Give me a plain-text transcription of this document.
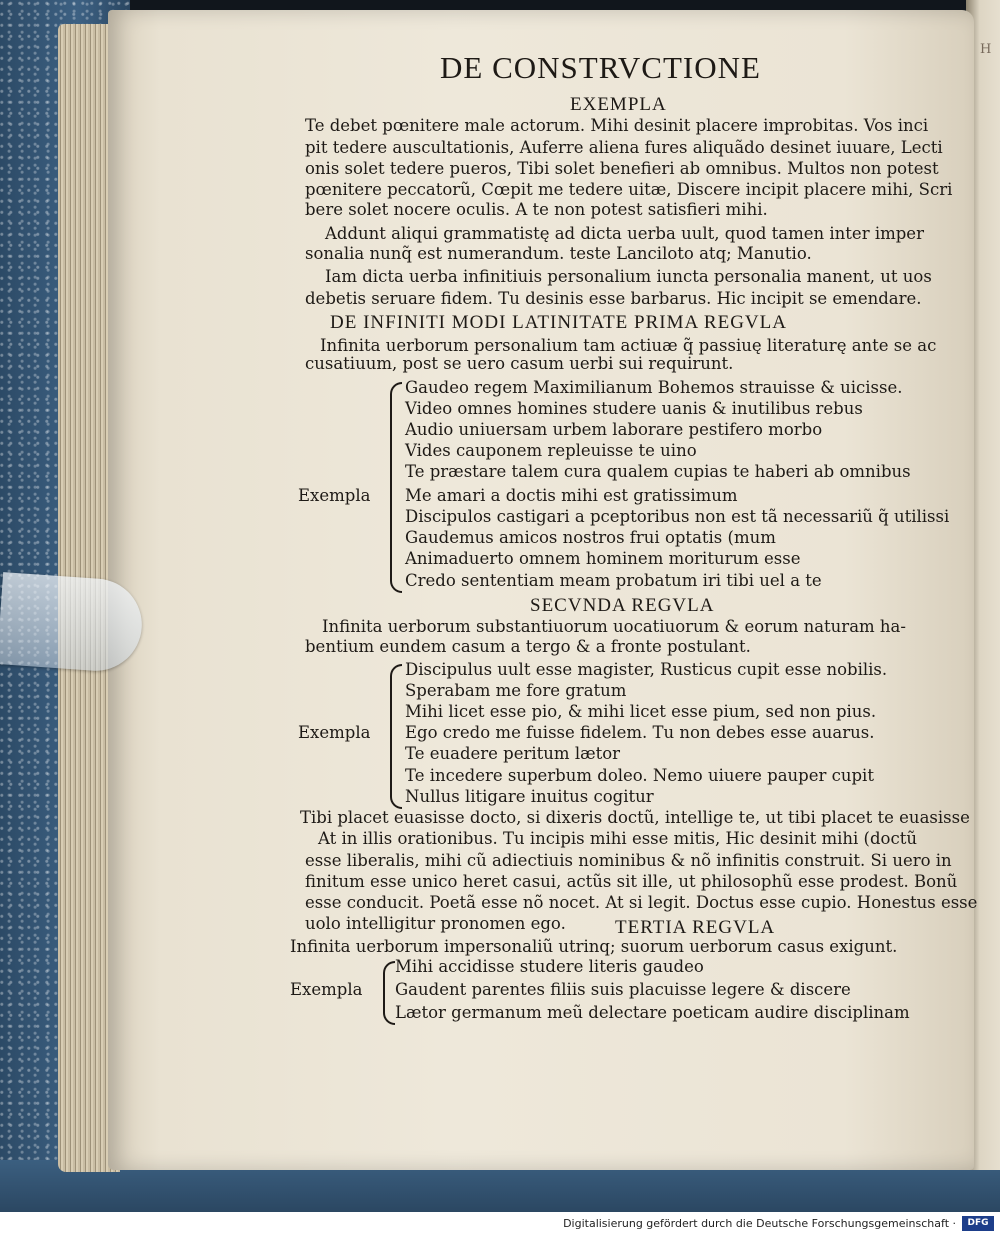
H
DE CONSTRVCTIONE
EXEMPLA
Te debet pœnitere male actorum. Mihi desinit placere improbitas. Vos inci
pit tedere auscultationis, Auferre aliena fures aliquãdo desinet iuuare, Lecti
onis solet tedere pueros, Tibi solet benefieri ab omnibus. Multos non potest
pœnitere peccatorũ, Cœpit me tedere uitæ, Discere incipit placere mihi, Scri
bere solet nocere oculis. A te non potest satisfieri mihi.
Addunt aliqui grammatistę ad dicta uerba uult, quod tamen inter imper
sonalia nunq̃ est numerandum. teste Lanciloto atq; Manutio.
Iam dicta uerba infinitiuis personalium iuncta personalia manent, ut uos
debetis seruare fidem. Tu desinis esse barbarus. Hic incipit se emendare.
DE INFINITI MODI LATINITATE PRIMA REGVLA
Infinita uerborum personalium tam actiuæ q̃ passiuę literaturę ante se ac
cusatiuum, post se uero casum uerbi sui requirunt.
Gaudeo regem Maximilianum Bohemos strauisse & uicisse.
Video omnes homines studere uanis & inutilibus rebus
Audio uniuersam urbem laborare pestifero morbo
Vides cauponem repleuisse te uino
Te præstare talem cura qualem cupias te haberi ab omnibus
Me amari a doctis mihi est gratissimum
Exempla
Discipulos castigari a pceptoribus non est tã necessariũ q̃ utilissi
Gaudemus amicos nostros frui optatis (mum
Animaduerto omnem hominem moriturum esse
Credo sententiam meam probatum iri tibi uel a te
SECVNDA REGVLA
Infinita uerborum substantiuorum uocatiuorum & eorum naturam ha-
bentium eundem casum a tergo & a fronte postulant.
Discipulus uult esse magister, Rusticus cupit esse nobilis.
Sperabam me fore gratum
Mihi licet esse pio, & mihi licet esse pium, sed non pius.
Ego credo me fuisse fidelem. Tu non debes esse auarus.
Exempla
Te euadere peritum lætor
Te incedere superbum doleo. Nemo uiuere pauper cupit
Nullus litigare inuitus cogitur
Tibi placet euasisse docto, si dixeris doctũ, intellige te, ut tibi placet te euasisse
At in illis orationibus. Tu incipis mihi esse mitis, Hic desinit mihi (doctũ
esse liberalis, mihi cũ adiectiuis nominibus & nõ infinitis construit. Si uero in
finitum esse unico heret casui, actũs sit ille, ut philosophũ esse prodest. Bonũ
esse conducit. Poetã esse nõ nocet. At si legit. Doctus esse cupio. Honestus esse
uolo intelligitur pronomen ego.	TERTIA REGVLA
Infinita uerborum impersonaliũ utrinq; suorum uerborum casus exigunt.
Mihi accidisse studere literis gaudeo
Gaudent parentes filiis suis placuisse legere & discere
Exempla
Lætor germanum meũ delectare poeticam audire disciplinam
Digitalisierung gefördert durch die Deutsche Forschungsgemeinschaft ·	DFG
